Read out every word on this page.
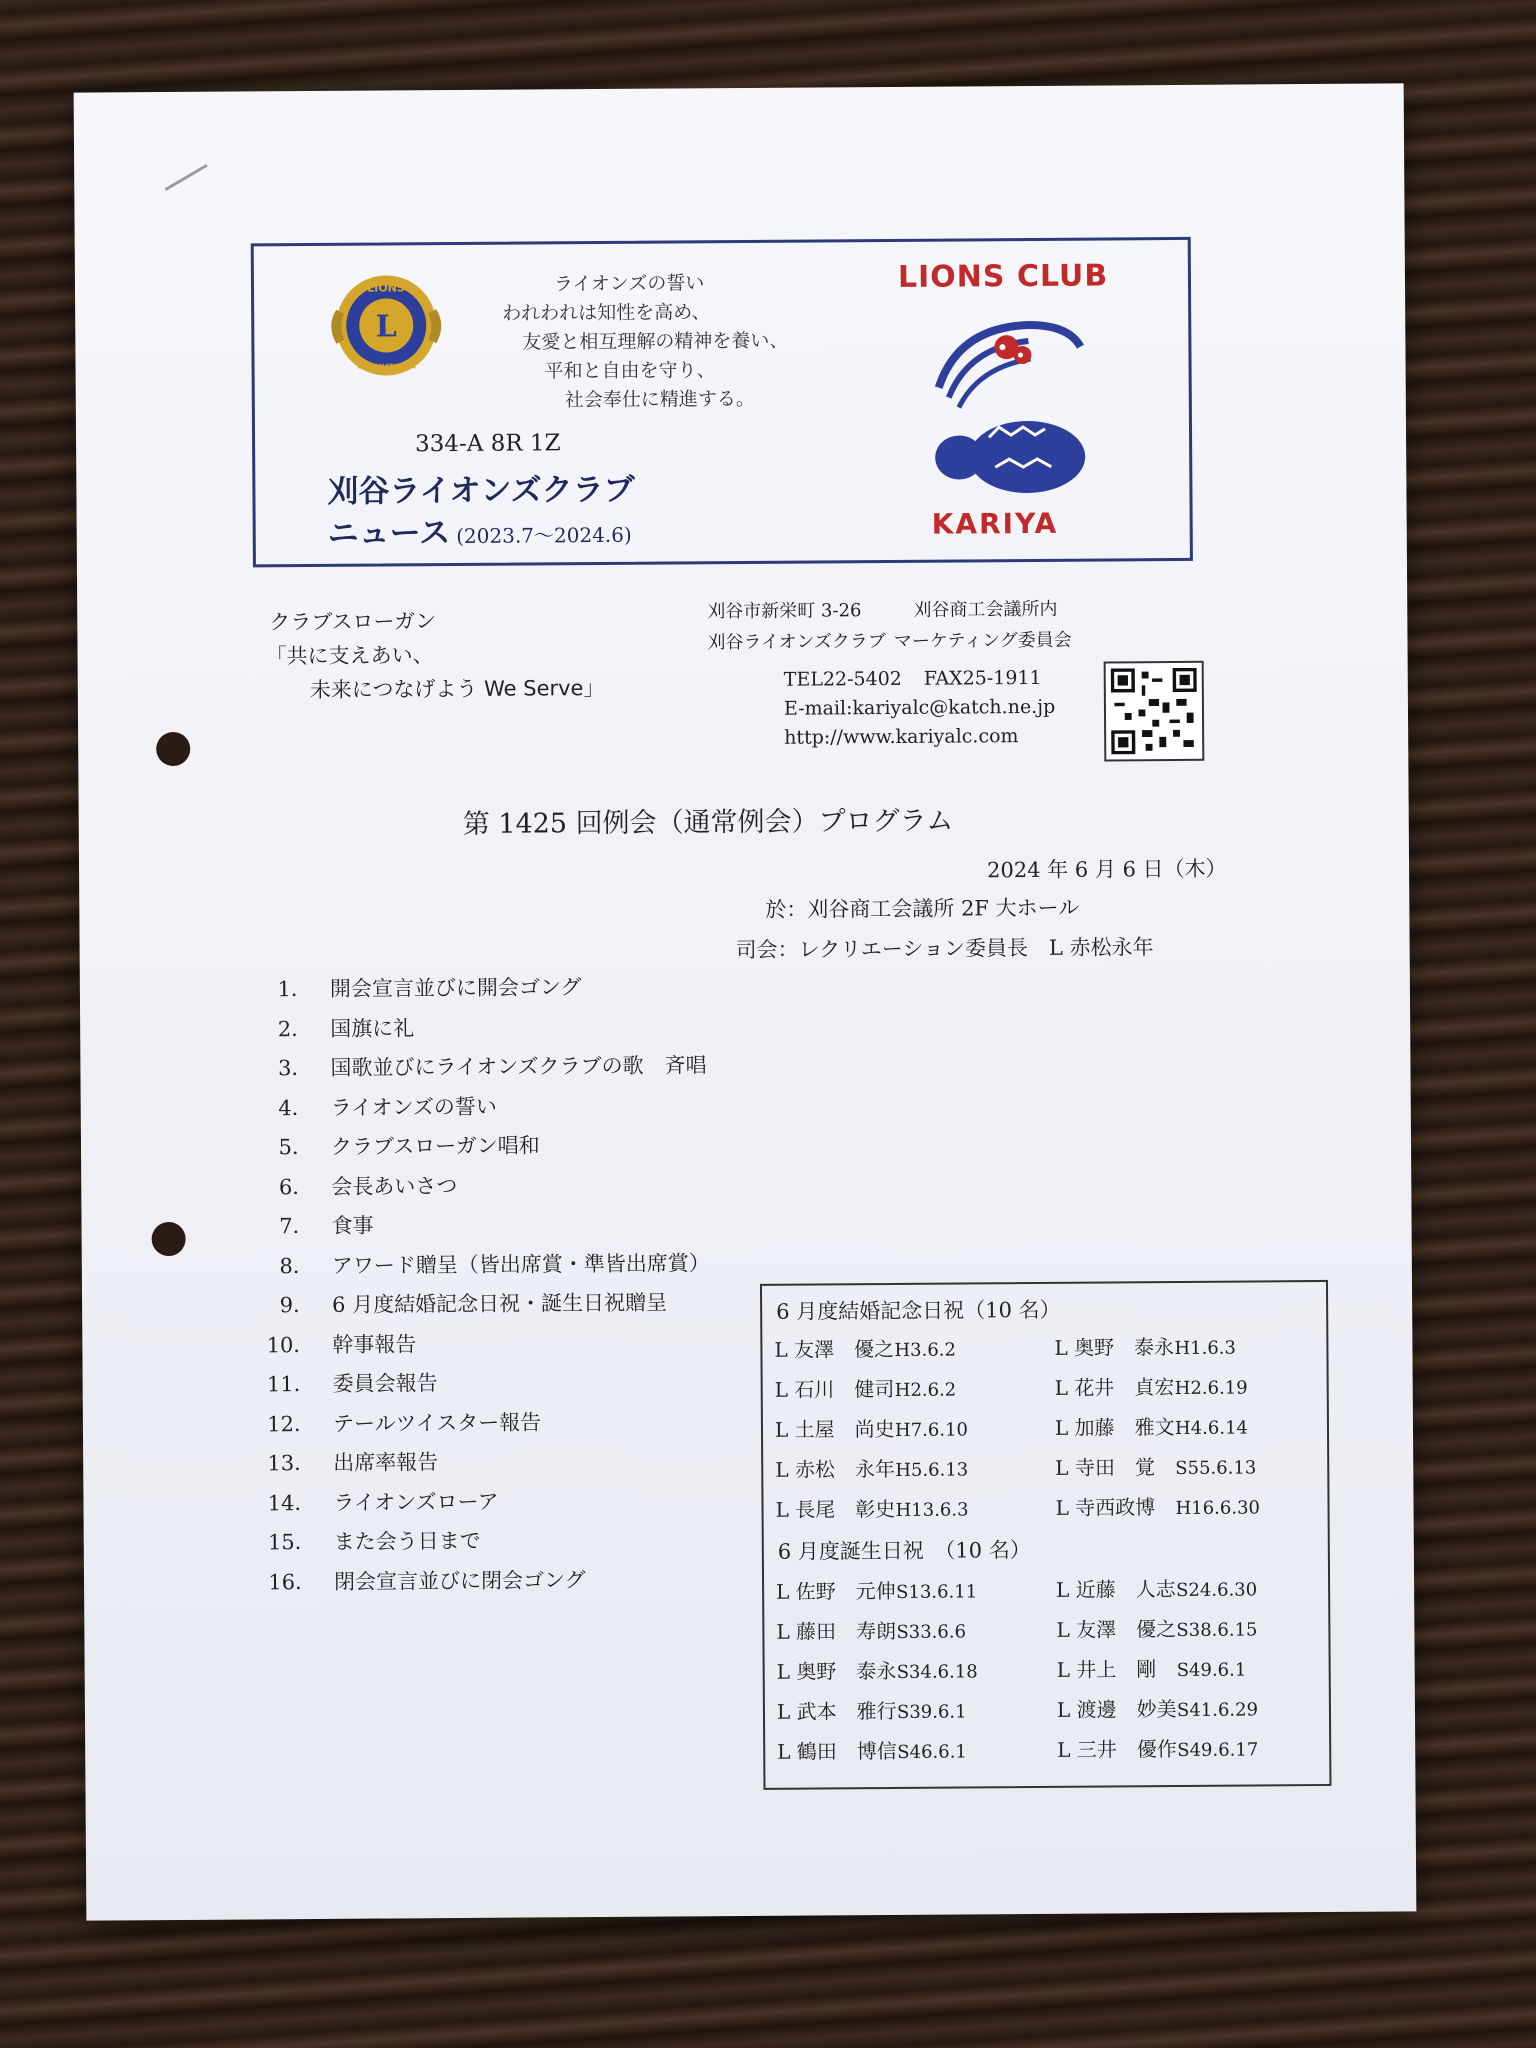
L
LIONS
INTERNATIONAL
ライオンズの誓い
われわれは知性を高め、
友愛と相互理解の精神を養い、
平和と自由を守り、
社会奉仕に精進する。
334-A 8R 1Z
刈谷ライオンズクラブ
ニュース (2023.7～2024.6)
LIONS CLUB
KARIYA
クラブスローガン
「共に支えあい、
未来につなげよう We Serve」
刈谷市新栄町 3-26	刈谷商工会議所内
刈谷ライオンズクラブ マーケティング委員会
TEL22-5402 FAX25-1911
E-mail:kariyalc@katch.ne.jp
http://www.kariyalc.com
第 1425 回例会（通常例会）プログラム
2024 年 6 月 6 日（木）
於：刈谷商工会議所 2F 大ホール
司会：レクリエーション委員長　L 赤松永年
1． 開会宣言並びに開会ゴング
2． 国旗に礼
3． 国歌並びにライオンズクラブの歌　斉唱
4． ライオンズの誓い
5． クラブスローガン唱和
6． 会長あいさつ
7． 食事
8． アワード贈呈（皆出席賞・準皆出席賞）
9． 6 月度結婚記念日祝・誕生日祝贈呈
10． 幹事報告
11． 委員会報告
12． テールツイスター報告
13． 出席率報告
14． ライオンズローア
15． また会う日まで
16． 閉会宣言並びに閉会ゴング
6 月度結婚記念日祝（10 名）
L 友澤　優之H3.6.2	L 奥野　泰永H1.6.3
L 石川　健司H2.6.2	L 花井　貞宏H2.6.19
L 土屋　尚史H7.6.10	L 加藤　雅文H4.6.14
L 赤松　永年H5.6.13	L 寺田　覚 S55.6.13
L 長尾　彰史H13.6.3	L 寺西政博 H16.6.30
6 月度誕生日祝　（10 名）
L 佐野　元伸S13.6.11	L 近藤　人志S24.6.30
L 藤田　寿朗S33.6.6	L 友澤　優之S38.6.15
L 奥野　泰永S34.6.18	L 井上　剛 S49.6.1
L 武本　雅行S39.6.1	L 渡邊　妙美S41.6.29
L 鶴田　博信S46.6.1	L 三井　優作S49.6.17
